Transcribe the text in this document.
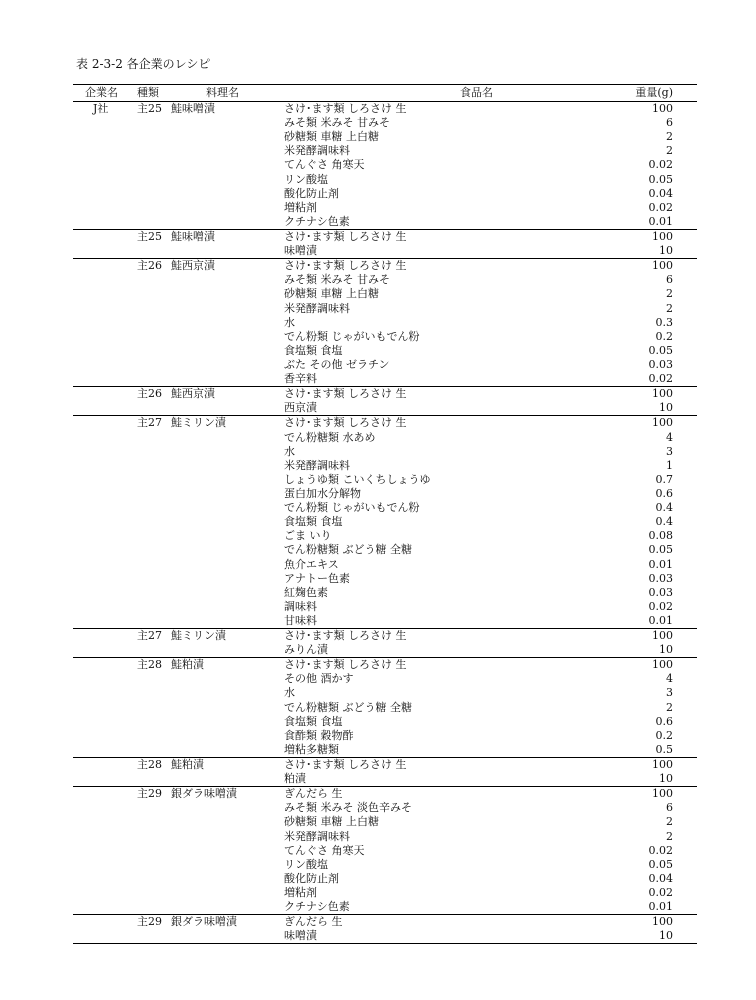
表 2-3-2 各企業のレシピ
企業名 種類	料理名	食品名	重量(g)
J社	主25 鮭味噌漬	さけ･ます類 しろさけ 生	100
みそ類 米みそ 甘みそ	6
砂糖類 車糖 上白糖	2
米発酵調味料	2
てんぐさ 角寒天	0.02
リン酸塩	0.05
酸化防止剤	0.04
増粘剤	0.02
クチナシ色素	0.01
主25 鮭味噌漬	さけ･ます類 しろさけ 生	100
味噌漬	10
主26 鮭西京漬	さけ･ます類 しろさけ 生	100
みそ類 米みそ 甘みそ	6
砂糖類 車糖 上白糖	2
米発酵調味料	2
水	0.3
でん粉類 じゃがいもでん粉	0.2
食塩類 食塩	0.05
ぶた その他 ゼラチン	0.03
香辛料	0.02
主26 鮭西京漬	さけ･ます類 しろさけ 生	100
西京漬	10
主27 鮭ミリン漬	さけ･ます類 しろさけ 生	100
でん粉糖類 水あめ	4
水	3
米発酵調味料	1
しょうゆ類 こいくちしょうゆ	0.7
蛋白加水分解物	0.6
でん粉類 じゃがいもでん粉	0.4
食塩類 食塩	0.4
ごま いり	0.08
でん粉糖類 ぶどう糖 全糖	0.05
魚介エキス	0.01
アナトー色素	0.03
紅麹色素	0.03
調味料	0.02
甘味料	0.01
主27 鮭ミリン漬	さけ･ます類 しろさけ 生	100
みりん漬	10
主28 鮭粕漬	さけ･ます類 しろさけ 生	100
その他 酒かす	4
水	3
でん粉糖類 ぶどう糖 全糖	2
食塩類 食塩	0.6
食酢類 穀物酢	0.2
増粘多糖類	0.5
主28 鮭粕漬	さけ･ます類 しろさけ 生	100
粕漬	10
主29 銀ダラ味噌漬	ぎんだら 生	100
みそ類 米みそ 淡色辛みそ	6
砂糖類 車糖 上白糖	2
米発酵調味料	2
てんぐさ 角寒天	0.02
リン酸塩	0.05
酸化防止剤	0.04
増粘剤	0.02
クチナシ色素	0.01
主29 銀ダラ味噌漬	ぎんだら 生	100
味噌漬	10
